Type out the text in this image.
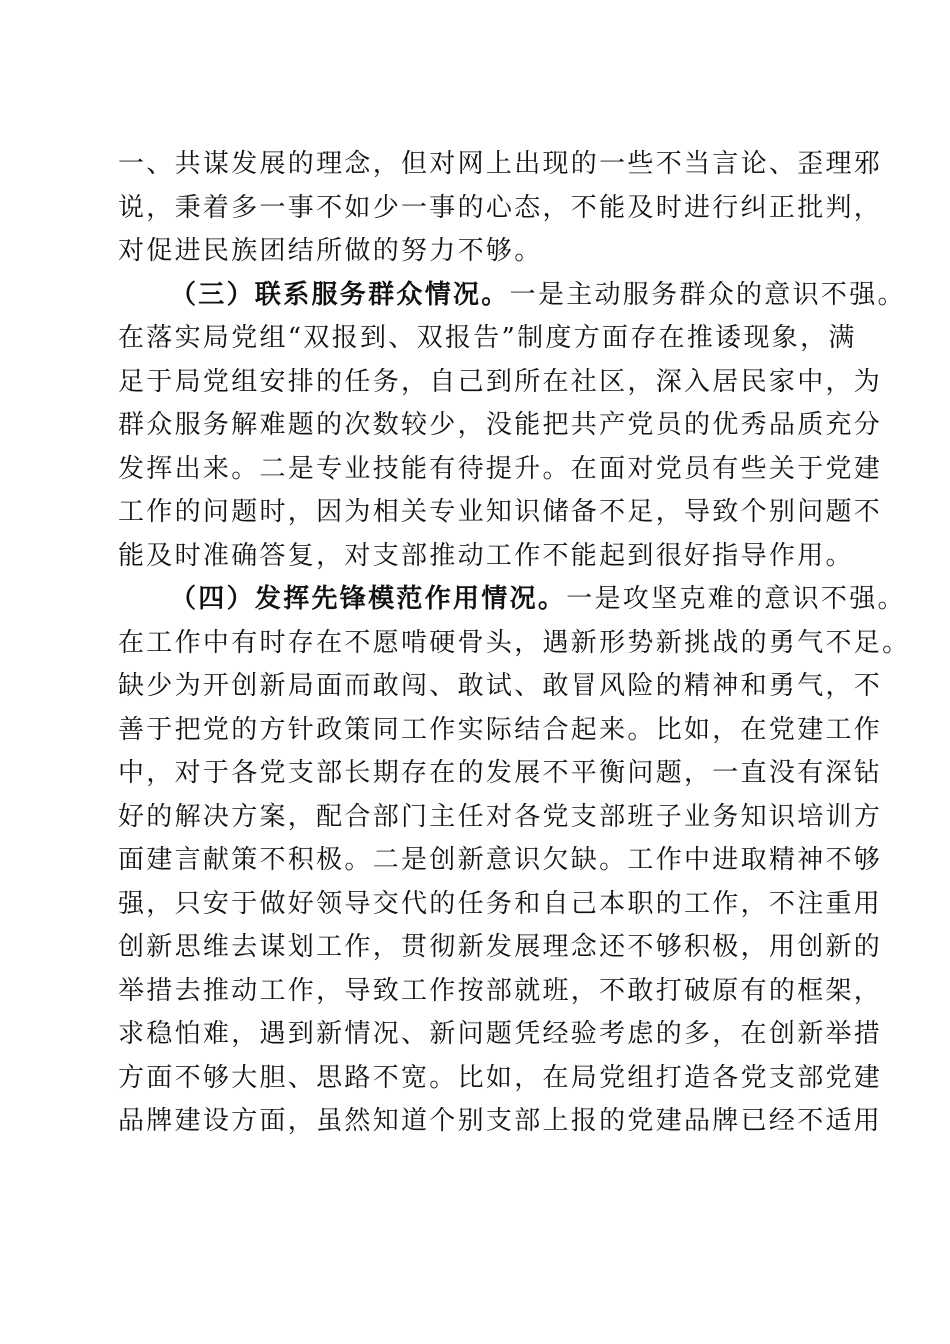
一、共谋发展的理念，但对网上出现的一些不当言论、歪理邪
说，秉着多一事不如少一事的心态，不能及时进行纠正批判，
对促进民族团结所做的努力不够。
（三）联系服务群众情况。一是主动服务群众的意识不强。
在落实局党组“双报到、双报告”制度方面存在推诿现象，满
足于局党组安排的任务，自己到所在社区，深入居民家中，为
群众服务解难题的次数较少，没能把共产党员的优秀品质充分
发挥出来。二是专业技能有待提升。在面对党员有些关于党建
工作的问题时，因为相关专业知识储备不足，导致个别问题不
能及时准确答复，对支部推动工作不能起到很好指导作用。
（四）发挥先锋模范作用情况。一是攻坚克难的意识不强。
在工作中有时存在不愿啃硬骨头，遇新形势新挑战的勇气不足。
缺少为开创新局面而敢闯、敢试、敢冒风险的精神和勇气，不
善于把党的方针政策同工作实际结合起来。比如，在党建工作
中，对于各党支部长期存在的发展不平衡问题，一直没有深钻
好的解决方案，配合部门主任对各党支部班子业务知识培训方
面建言献策不积极。二是创新意识欠缺。工作中进取精神不够
强，只安于做好领导交代的任务和自己本职的工作，不注重用
创新思维去谋划工作，贯彻新发展理念还不够积极，用创新的
举措去推动工作，导致工作按部就班，不敢打破原有的框架，
求稳怕难，遇到新情况、新问题凭经验考虑的多，在创新举措
方面不够大胆、思路不宽。比如，在局党组打造各党支部党建
品牌建设方面，虽然知道个别支部上报的党建品牌已经不适用
